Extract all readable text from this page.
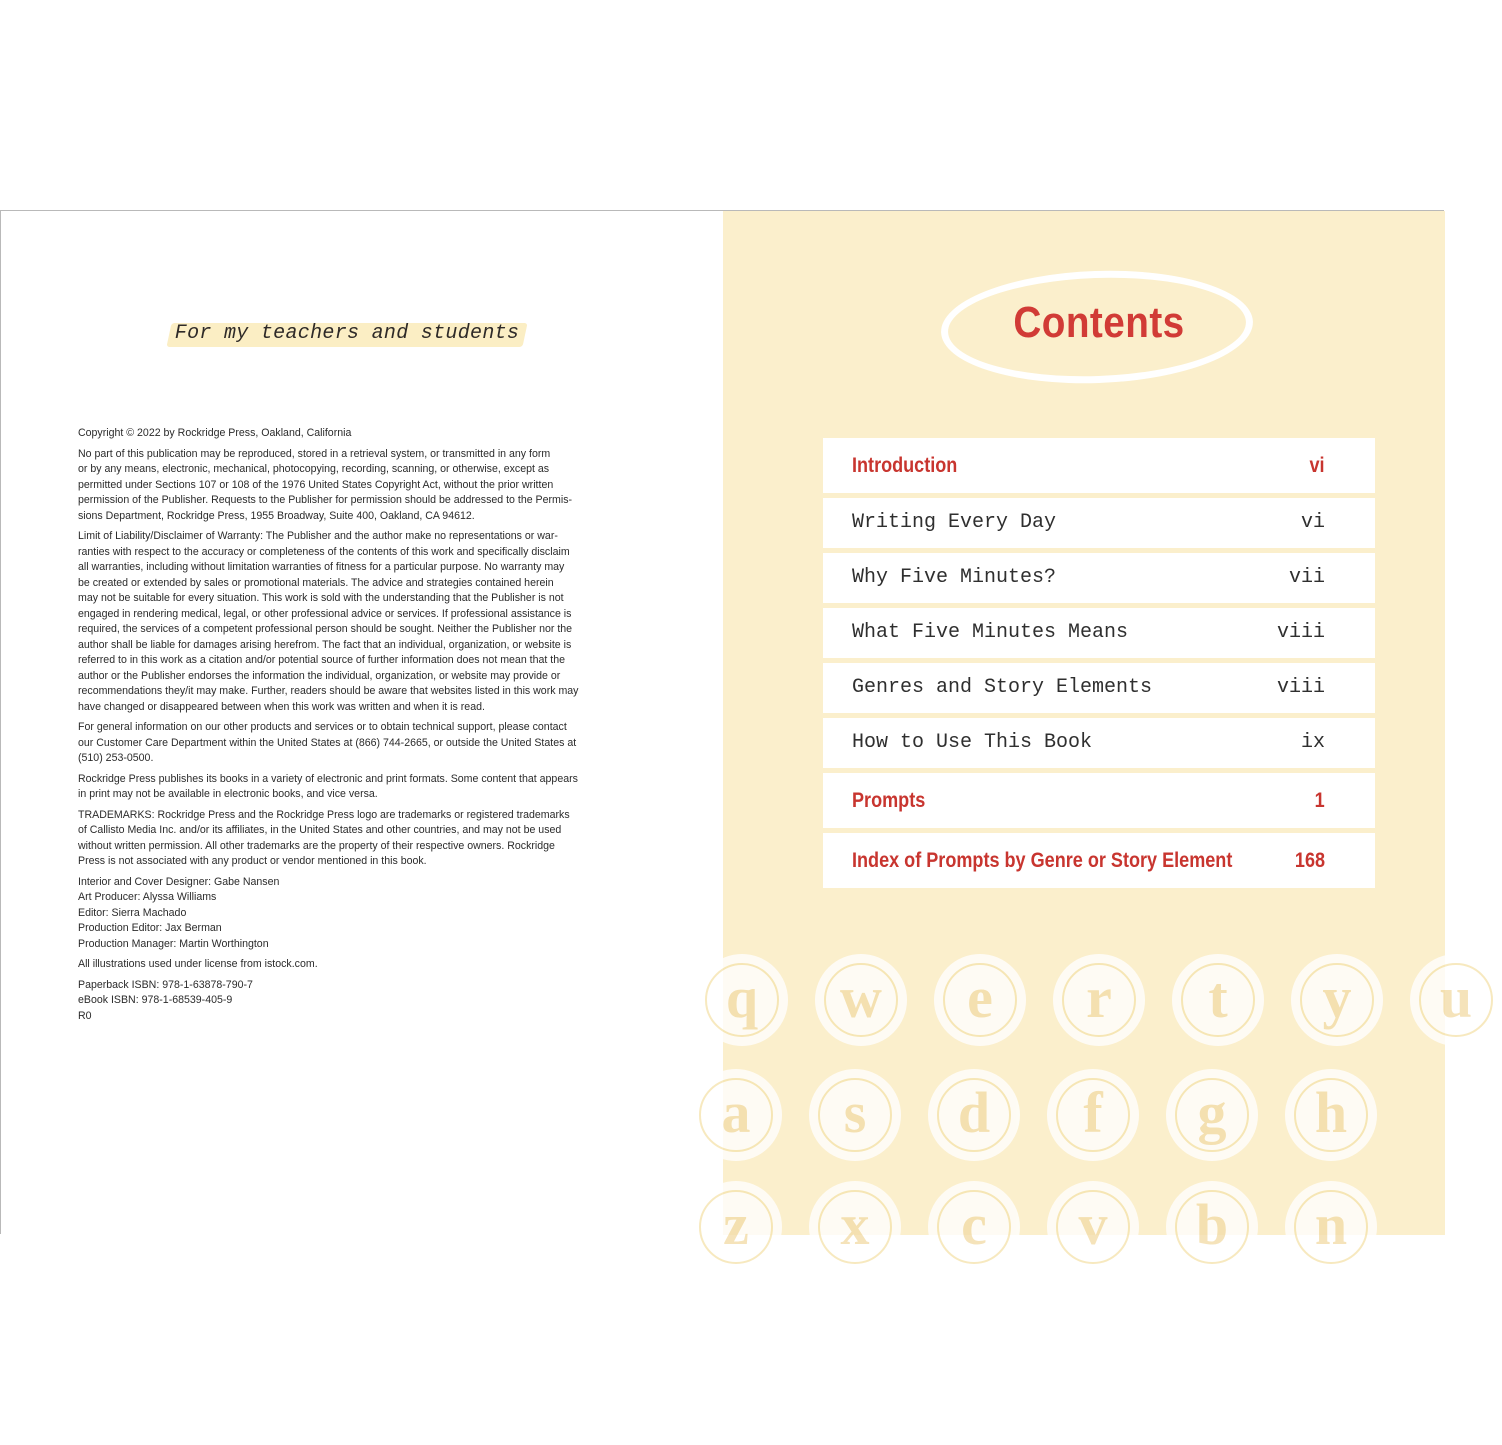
For my teachers and students

Copyright © 2022 by Rockridge Press, Oakland, California

No part of this publication may be reproduced, stored in a retrieval system, or transmitted in any form
or by any means, electronic, mechanical, photocopying, recording, scanning, or otherwise, except as
permitted under Sections 107 or 108 of the 1976 United States Copyright Act, without the prior written
permission of the Publisher. Requests to the Publisher for permission should be addressed to the Permis-
sions Department, Rockridge Press, 1955 Broadway, Suite 400, Oakland, CA 94612.
Limit of Liability/Disclaimer of Warranty: The Publisher and the author make no representations or war-
ranties with respect to the accuracy or completeness of the contents of this work and specifically disclaim
all warranties, including without limitation warranties of fitness for a particular purpose. No warranty may
be created or extended by sales or promotional materials. The advice and strategies contained herein
may not be suitable for every situation. This work is sold with the understanding that the Publisher is not
engaged in rendering medical, legal, or other professional advice or services. If professional assistance is
required, the services of a competent professional person should be sought. Neither the Publisher nor the
author shall be liable for damages arising herefrom. The fact that an individual, organization, or website is
referred to in this work as a citation and/or potential source of further information does not mean that the
author or the Publisher endorses the information the individual, organization, or website may provide or
recommendations they/it may make. Further, readers should be aware that websites listed in this work may
have changed or disappeared between when this work was written and when it is read.
For general information on our other products and services or to obtain technical support, please contact
our Customer Care Department within the United States at (866) 744-2665, or outside the United States at
(510) 253-0500.
Rockridge Press publishes its books in a variety of electronic and print formats. Some content that appears
in print may not be available in electronic books, and vice versa.
TRADEMARKS: Rockridge Press and the Rockridge Press logo are trademarks or registered trademarks
of Callisto Media Inc. and/or its affiliates, in the United States and other countries, and may not be used
without written permission. All other trademarks are the property of their respective owners. Rockridge
Press is not associated with any product or vendor mentioned in this book.
Interior and Cover Designer: Gabe Nansen
Art Producer: Alyssa Williams
Editor: Sierra Machado
Production Editor: Jax Berman
Production Manager: Martin Worthington

All illustrations used under license from istock.com.

Paperback ISBN: 978-1-63878-790-7
eBook ISBN: 978-1-68539-405-9
R0	q	w	e	r	t	y	u
a	s	d	f	g	h
z	x	c	v	b	n
Contents
Introduction	vi
Writing Every Day	vi
Why Five Minutes?	vii
What Five Minutes Means	viii
Genres and Story Elements	viii
How to Use This Book	ix
Prompts	1
Index of Prompts by Genre or Story Element	168
